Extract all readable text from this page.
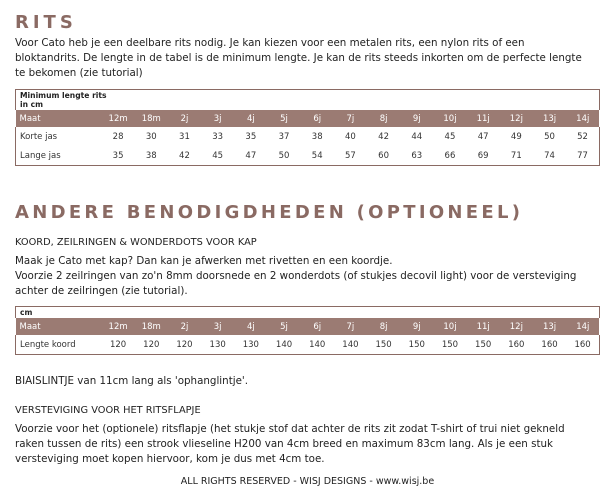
RITS

Voor Cato heb je een deelbare rits nodig. Je kan kiezen voor een metalen rits, een nylon rits of een

bloktandrits. De lengte in de tabel is de minimum lengte. Je kan de rits steeds inkorten om de perfecte lengte

te bekomen (zie tutorial)

Minimum lengte rits
in cm															

Maat	12m	18m	2j	3j	4j	5j	6j	7j	8j	9j	10j	11j	12j	13j	14j
Korte jas	28	30	31	33	35	37	38	40	42	44	45	47	49	50	52
Lange jas	35	38	42	45	47	50	54	57	60	63	66	69	71	74	77
ANDERE BENODIGDHEDEN (OPTIONEEL)

KOORD, ZEILRINGEN & WONDERDOTS VOOR KAP

Maak je Cato met kap? Dan kan je afwerken met rivetten en een koordje.

Voorzie 2 zeilringen van zo'n 8mm doorsnede en 2 wonderdots (of stukjes decovil light) voor de versteviging

achter de zeilringen (zie tutorial).

cm															
Maat	12m	18m	2j	3j	4j	5j	6j	7j	8j	9j	10j	11j	12j	13j	14j
Lengte koord	120	120	120	130	130	140	140	140	150	150	150	150	160	160	160

BIAISLINTJE van 11cm lang als 'ophanglintje'.

VERSTEVIGING VOOR HET RITSFLAPJE

Voorzie voor het (optionele) ritsflapje (het stukje stof dat achter de rits zit zodat T-shirt of trui niet gekneld

raken tussen de rits) een strook vlieseline H200 van 4cm breed en maximum 83cm lang. Als je een stuk

versteviging moet kopen hiervoor, kom je dus met 4cm toe.

ALL RIGHTS RESERVED - WISJ DESIGNS - www.wisj.be
